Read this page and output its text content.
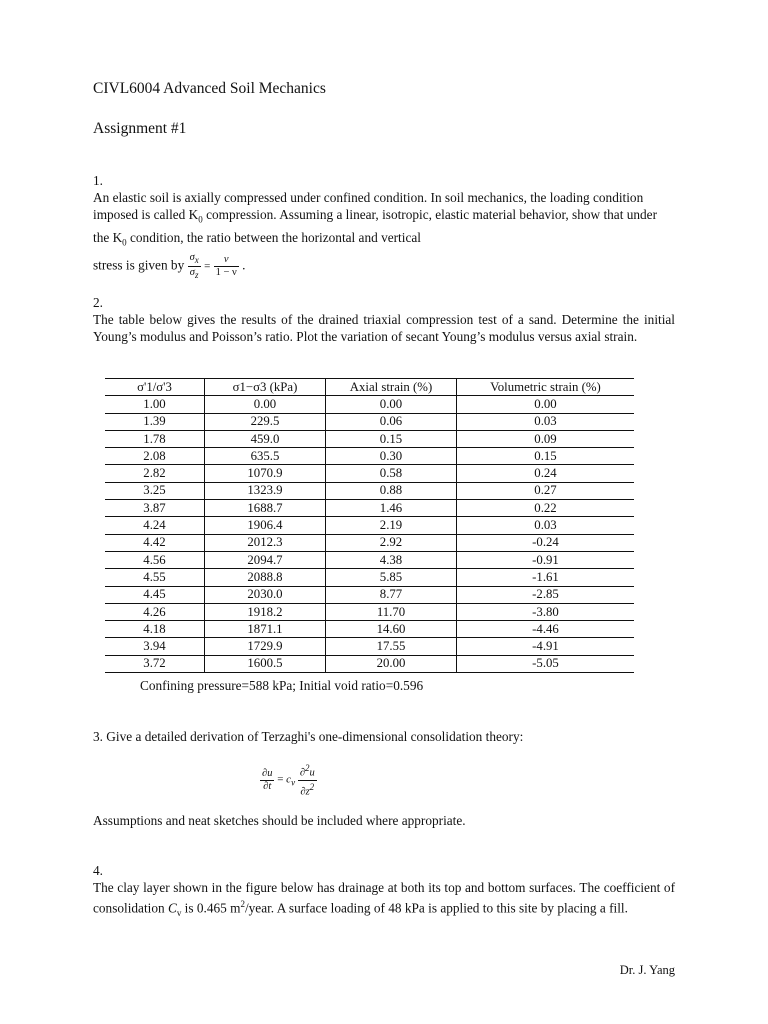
CIVL6004 Advanced Soil Mechanics
Assignment #1
1.
An elastic soil is axially compressed under confined condition. In soil mechanics, the loading condition imposed is called $K_0$ compression. Assuming a linear, isotropic, elastic material behavior, show that under the $K_0$ condition, the ratio between the horizontal and vertical
stress is given by $\frac{\sigma_x}{\sigma_z} = \frac{\nu}{1 - \nu}$ .
2.
The table below gives the results of the drained triaxial compression test of a sand. Determine the initial Young’s modulus and Poisson’s ratio. Plot the variation of secant Young’s modulus versus axial strain.
σ'1/σ'3	σ1−σ3 (kPa)	Axial strain (%)	Volumetric strain (%)
1.00	0.00	0.00	0.00
1.39	229.5	0.06	0.03
1.78	459.0	0.15	0.09
2.08	635.5	0.30	0.15
2.82	1070.9	0.58	0.24
3.25	1323.9	0.88	0.27
3.87	1688.7	1.46	0.22
4.24	1906.4	2.19	0.03
4.42	2012.3	2.92	-0.24
4.56	2094.7	4.38	-0.91
4.55	2088.8	5.85	-1.61
4.45	2030.0	8.77	-2.85
4.26	1918.2	11.70	-3.80
4.18	1871.1	14.60	-4.46
3.94	1729.9	17.55	-4.91
3.72	1600.5	20.00	-5.05
Confining pressure=588 kPa; Initial void ratio=0.596
3. Give a detailed derivation of Terzaghi's one-dimensional consolidation theory:
$\frac{\partial u}{\partial t} = c_v \frac{\partial^2u}{\partial z^2}$
Assumptions and neat sketches should be included where appropriate.
4.
The clay layer shown in the figure below has drainage at both its top and bottom surfaces. The coefficient of consolidation $C_v$ is 0.465 $m^2$/year. A surface loading of 48 kPa is applied to this site by placing a fill.
Dr. J. Yang
